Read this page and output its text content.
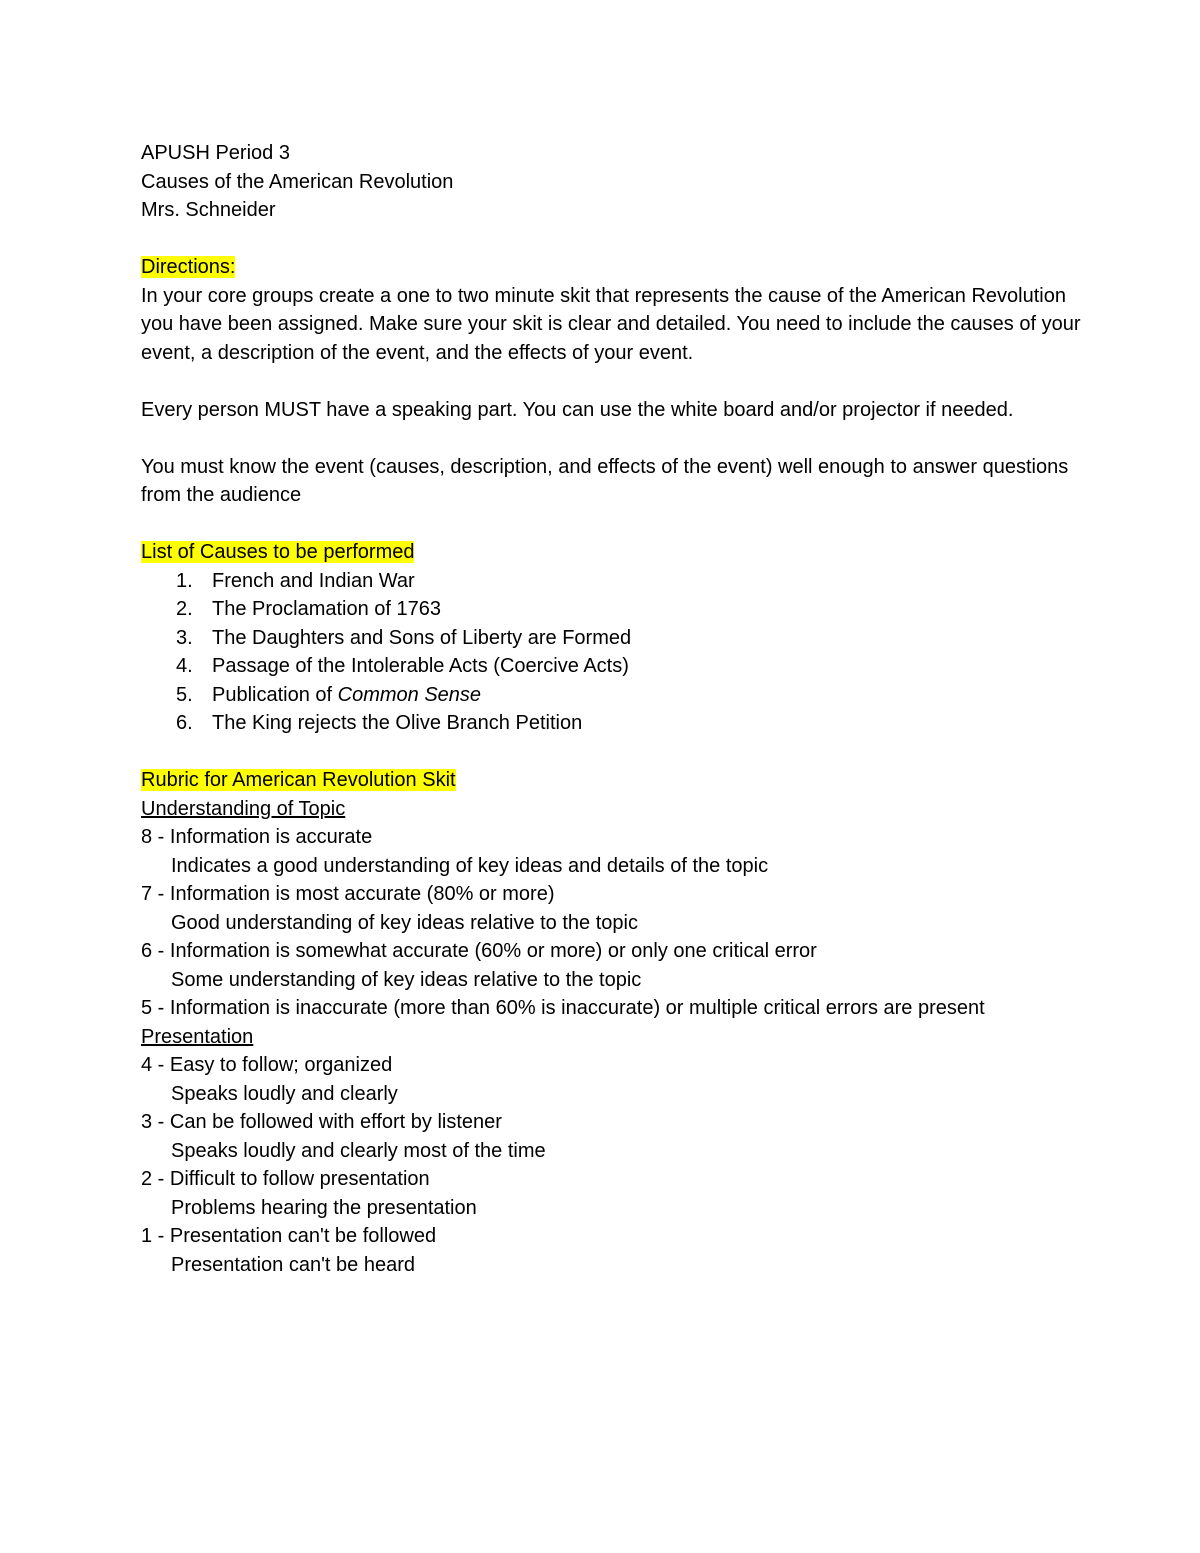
APUSH Period 3
Causes of the American Revolution
Mrs. Schneider
Directions:
In your core groups create a one to two minute skit that represents the cause of the American Revolution you have been assigned. Make sure your skit is clear and detailed. You need to include the causes of your event, a description of the event, and the effects of your event.
Every person MUST have a speaking part. You can use the white board and/or projector if needed.
You must know the event (causes, description, and effects of the event) well enough to answer questions from the audience
List of Causes to be performed
1. French and Indian War
2. The Proclamation of 1763
3. The Daughters and Sons of Liberty are Formed
4. Passage of the Intolerable Acts (Coercive Acts)
5. Publication of Common Sense
6. The King rejects the Olive Branch Petition
Rubric for American Revolution Skit
Understanding of Topic
8 - Information is accurate
Indicates a good understanding of key ideas and details of the topic
7 - Information is most accurate (80% or more)
Good understanding of key ideas relative to the topic
6 - Information is somewhat accurate (60% or more) or only one critical error
Some understanding of key ideas relative to the topic
5 - Information is inaccurate (more than 60% is inaccurate) or multiple critical errors are present
Presentation
4 - Easy to follow; organized
Speaks loudly and clearly
3 - Can be followed with effort by listener
Speaks loudly and clearly most of the time
2 - Difficult to follow presentation
Problems hearing the presentation
1 - Presentation can't be followed
Presentation can't be heard
